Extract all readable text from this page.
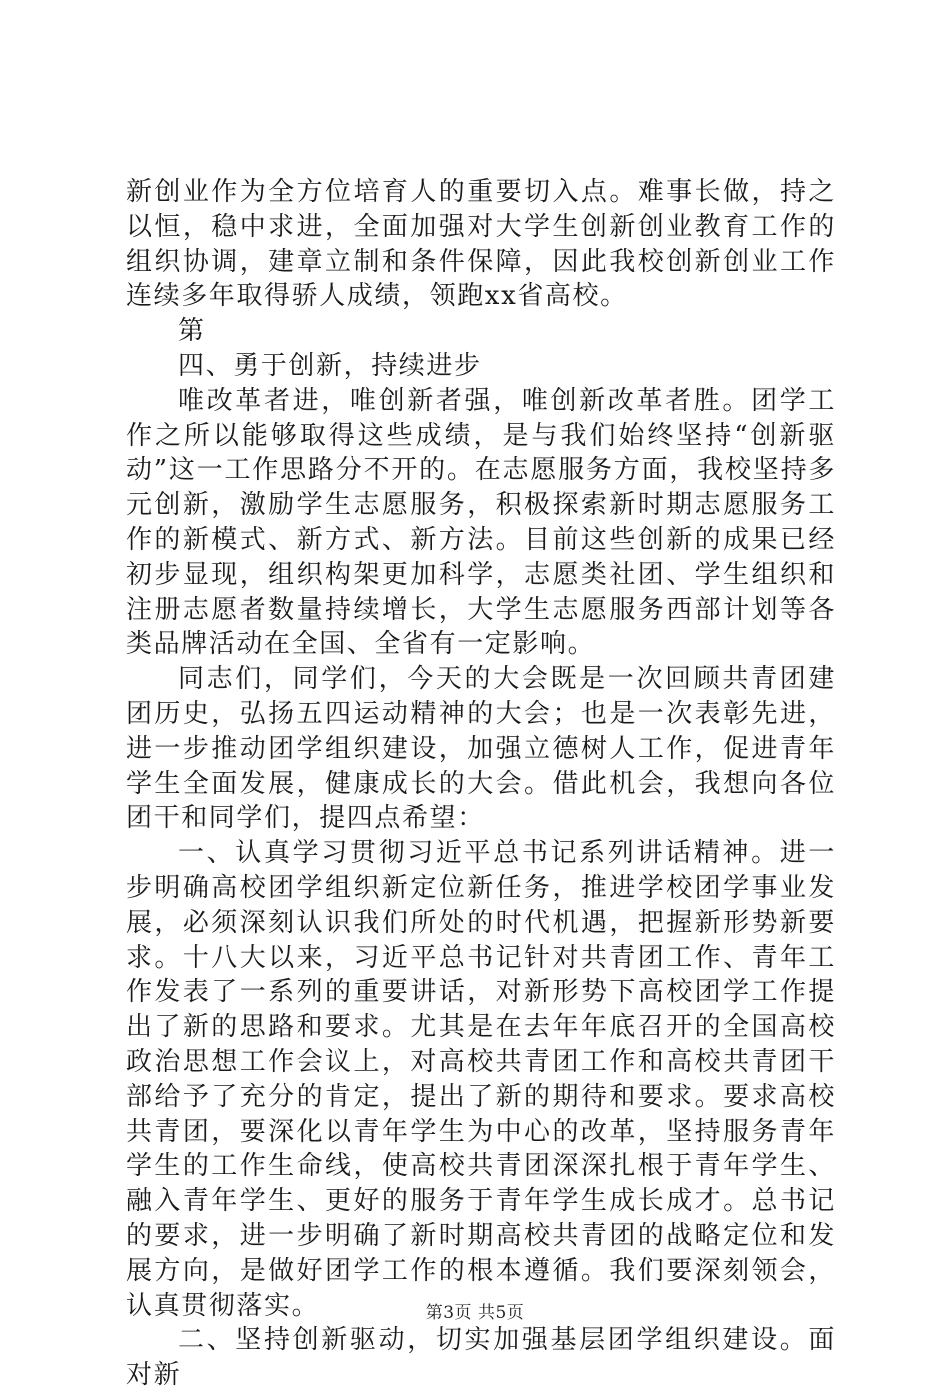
新创业作为全方位培育人的重要切入点。难事长做，持之以恒，稳中求进，全面加强对大学生创新创业教育工作的组织协调，建章立制和条件保障，因此我校创新创业工作连续多年取得骄人成绩，领跑xx省高校。

第

四、勇于创新，持续进步

唯改革者进，唯创新者强，唯创新改革者胜。团学工作之所以能够取得这些成绩，是与我们始终坚持“创新驱动”这一工作思路分不开的。在志愿服务方面，我校坚持多元创新，激励学生志愿服务，积极探索新时期志愿服务工作的新模式、新方式、新方法。目前这些创新的成果已经初步显现，组织构架更加科学，志愿类社团、学生组织和注册志愿者数量持续增长，大学生志愿服务西部计划等各类品牌活动在全国、全省有一定影响。

同志们，同学们，今天的大会既是一次回顾共青团建团历史，弘扬五四运动精神的大会；也是一次表彰先进，进一步推动团学组织建设，加强立德树人工作，促进青年学生全面发展，健康成长的大会。借此机会，我想向各位团干和同学们，提四点希望：

一、认真学习贯彻习近平总书记系列讲话精神。进一步明确高校团学组织新定位新任务，推进学校团学事业发展，必须深刻认识我们所处的时代机遇，把握新形势新要求。十八大以来，习近平总书记针对共青团工作、青年工作发表了一系列的重要讲话，对新形势下高校团学工作提出了新的思路和要求。尤其是在去年年底召开的全国高校政治思想工作会议上，对高校共青团工作和高校共青团干部给予了充分的肯定，提出了新的期待和要求。要求高校共青团，要深化以青年学生为中心的改革，坚持服务青年学生的工作生命线，使高校共青团深深扎根于青年学生、融入青年学生、更好的服务于青年学生成长成才。总书记的要求，进一步明确了新时期高校共青团的战略定位和发展方向，是做好团学工作的根本遵循。我们要深刻领会，认真贯彻落实。

二、坚持创新驱动，切实加强基层团学组织建设。面对新

第3页 共5页
